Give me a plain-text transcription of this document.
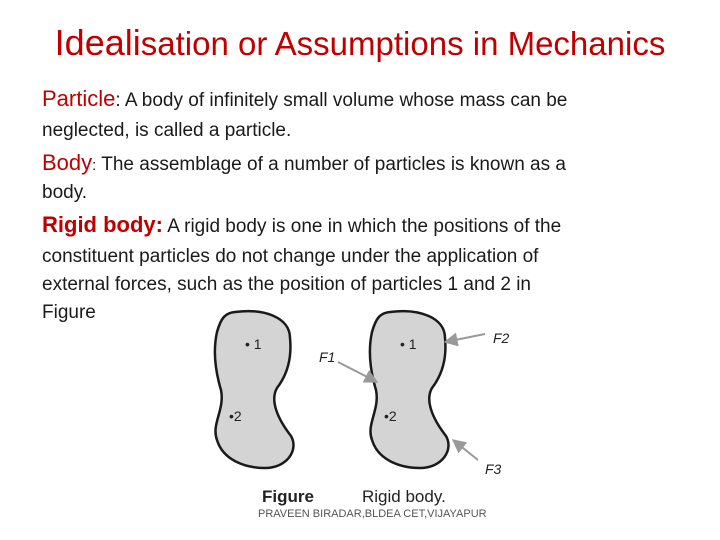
Idealisation or Assumptions in Mechanics
Particle: A body of infinitely small volume whose mass can be
neglected, is called a particle.
Body: The assemblage of a number of particles is known as a
body.
Rigid body: A rigid body is one in which the positions of the
constituent particles do not change under the application of
external forces, such as the position of particles 1 and 2 in
Figure
• 1
•2
• 1
•2
F1
F2
F3
Figure	Rigid body.
PRAVEEN BIRADAR,BLDEA CET,VIJAYAPUR
